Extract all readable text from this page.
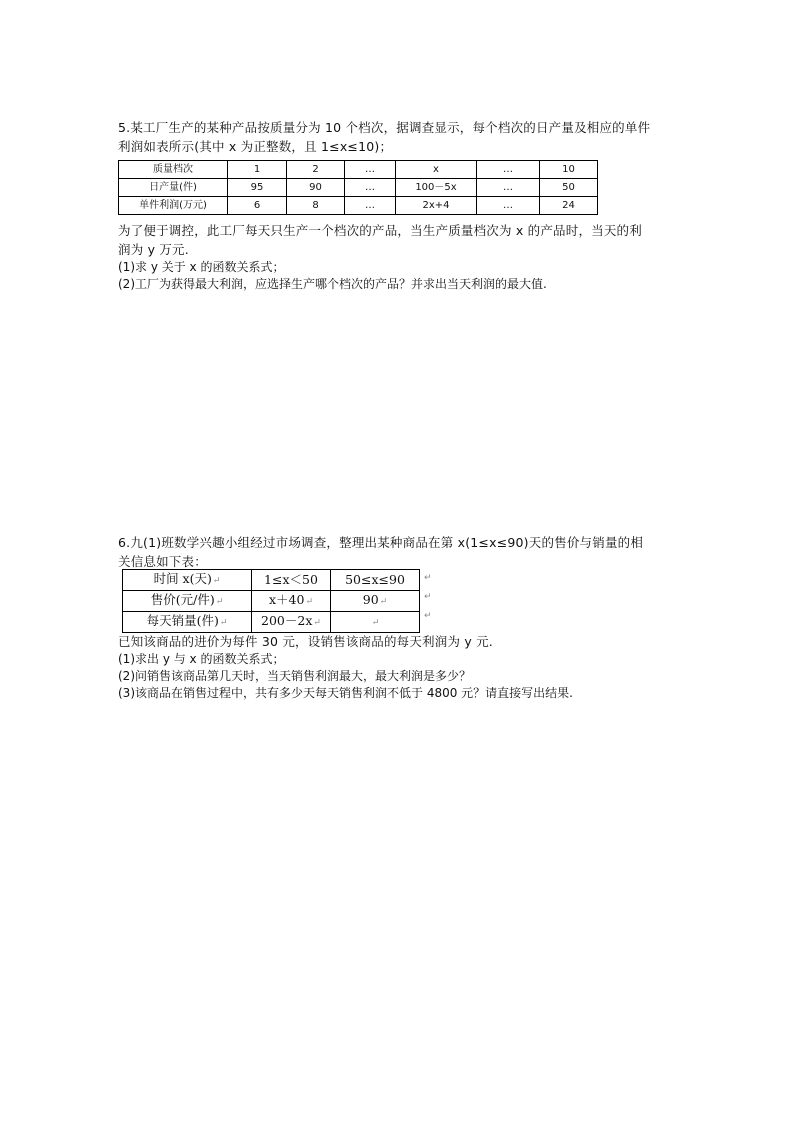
5.某工厂生产的某种产品按质量分为 10 个档次，据调查显示，每个档次的日产量及相应的单件
利润如表所示(其中 x 为正整数，且 1≤x≤10)；
质量档次	1	2	…	x	…	10
日产量(件)	95	90	…	100－5x	…	50
单件利润(万元)	6	8	…	2x+4	…	24
为了便于调控，此工厂每天只生产一个档次的产品，当生产质量档次为 x 的产品时，当天的利
润为 y 万元.
(1)求 y 关于 x 的函数关系式；
(2)工厂为获得最大利润，应选择生产哪个档次的产品？并求出当天利润的最大值.
6.九(1)班数学兴趣小组经过市场调查，整理出某种商品在第 x(1≤x≤90)天的售价与销量的相
关信息如下表：
时间 x(天)↵	1≤x＜50	50≤x≤90
售价(元/件)↵	x＋40↵	90↵
每天销量(件)↵	200－2x↵	↵
↵
↵
↵
已知该商品的进价为每件 30 元，设销售该商品的每天利润为 y 元.
(1)求出 y 与 x 的函数关系式；
(2)问销售该商品第几天时，当天销售利润最大，最大利润是多少？
(3)该商品在销售过程中，共有多少天每天销售利润不低于 4800 元？请直接写出结果.
